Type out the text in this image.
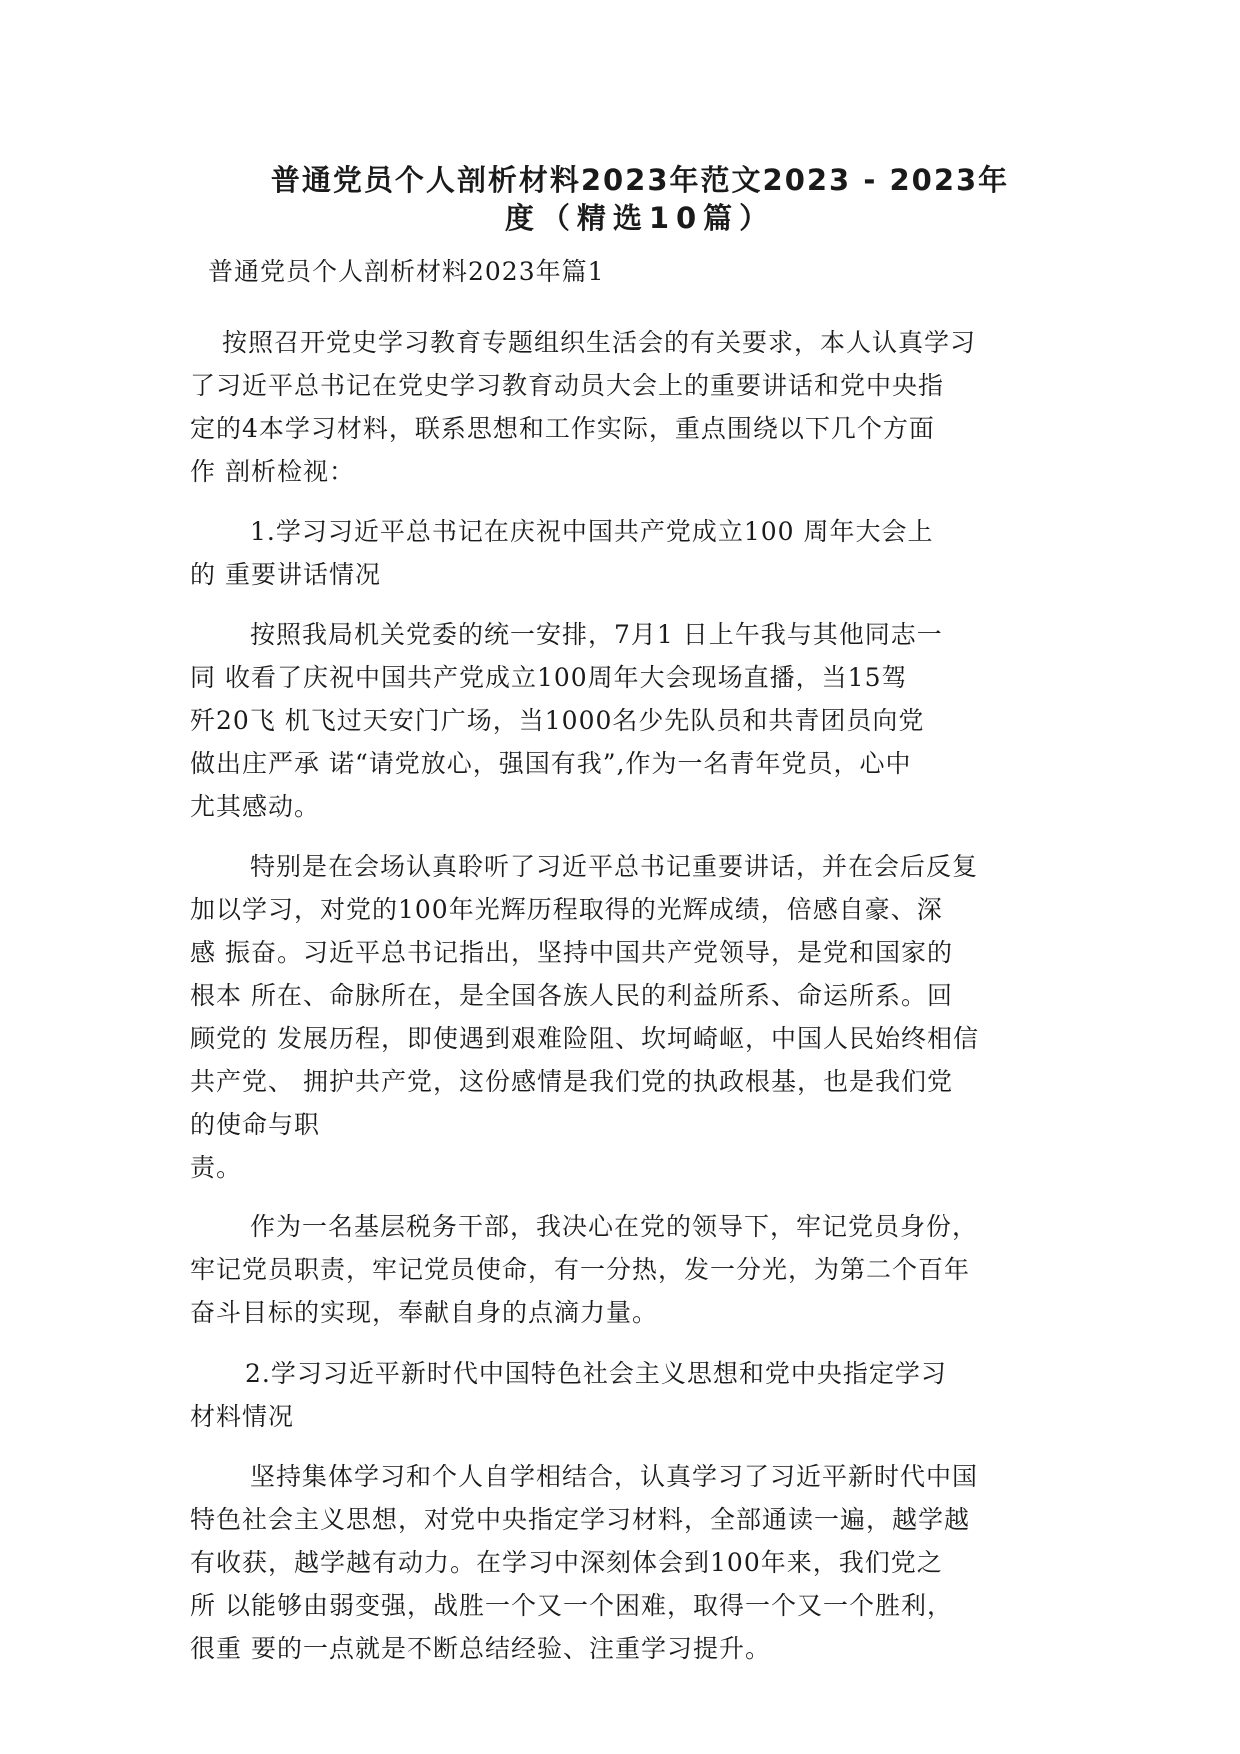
普通党员个人剖析材料2023年范文2023 - 2023年
度（精选10篇）

普通党员个人剖析材料2023年篇1

按照召开党史学习教育专题组织生活会的有关要求，本人认真学习

了习近平总书记在党史学习教育动员大会上的重要讲话和党中央指

定的4本学习材料，联系思想和工作实际，重点围绕以下几个方面

作 剖析检视：

1.学习习近平总书记在庆祝中国共产党成立100 周年大会上

的 重要讲话情况

按照我局机关党委的统一安排，7月1 日上午我与其他同志一

同 收看了庆祝中国共产党成立100周年大会现场直播，当15驾

歼20飞 机飞过天安门广场，当1000名少先队员和共青团员向党

做出庄严承 诺“请党放心，强国有我”,作为一名青年党员，心中

尤其感动。

特别是在会场认真聆听了习近平总书记重要讲话，并在会后反复

加以学习，对党的100年光辉历程取得的光辉成绩，倍感自豪、深

感 振奋。习近平总书记指出，坚持中国共产党领导，是党和国家的

根本 所在、命脉所在，是全国各族人民的利益所系、命运所系。回

顾党的 发展历程，即使遇到艰难险阻、坎坷崎岖，中国人民始终相信

共产党、 拥护共产党，这份感情是我们党的执政根基，也是我们党

的使命与职

责。

作为一名基层税务干部，我决心在党的领导下，牢记党员身份，

牢记党员职责，牢记党员使命，有一分热，发一分光，为第二个百年

奋斗目标的实现，奉献自身的点滴力量。

2.学习习近平新时代中国特色社会主义思想和党中央指定学习

材料情况

坚持集体学习和个人自学相结合，认真学习了习近平新时代中国

特色社会主义思想，对党中央指定学习材料，全部通读一遍，越学越

有收获，越学越有动力。在学习中深刻体会到100年来，我们党之

所 以能够由弱变强，战胜一个又一个困难，取得一个又一个胜利，

很重 要的一点就是不断总结经验、注重学习提升。
